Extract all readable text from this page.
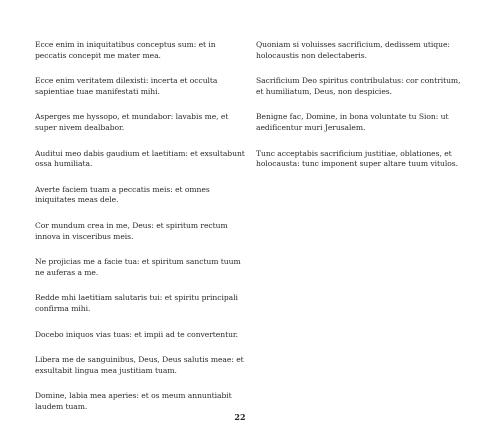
Ecce enim in iniquitatibus conceptus sum: et in peccatis concepit me mater mea.

Ecce enim veritatem dilexisti: incerta et occulta sapientiae tuae manifestati mihi.

Asperges me hyssopo, et mundabor: lavabis me, et super nivem dealbabor.

Auditui meo dabis gaudium et laetitiam: et exsultabunt ossa humiliata.

Averte faciem tuam a peccatis meis: et omnes iniquitates meas dele.

Cor mundum crea in me, Deus: et spiritum rectum innova in visceribus meis.

Ne projicias me a facie tua: et spiritum sanctum tuum ne auferas a me.

Redde mhi laetitiam salutaris tui: et spiritu principali confirma mihi.

Docebo iniquos vias tuas: et impii ad te convertentur.

Libera me de sanguinibus, Deus, Deus salutis meae: et exsultabit lingua mea justitiam tuam.

Domine, labia mea aperies: et os meum annuntiabit laudem tuam.

Quoniam si voluisses sacrificium, dedissem utique: holocaustis non delectaberis.

Sacrificium Deo spiritus contribulatus: cor contritum, et humiliatum, Deus, non despicies.

Benigne fac, Domine, in bona voluntate tu Sion: ut aedificentur muri Jerusalem.

Tunc acceptabis sacrificium justitiae, oblationes, et holocausta: tunc imponent super altare tuum vitulos.

22
